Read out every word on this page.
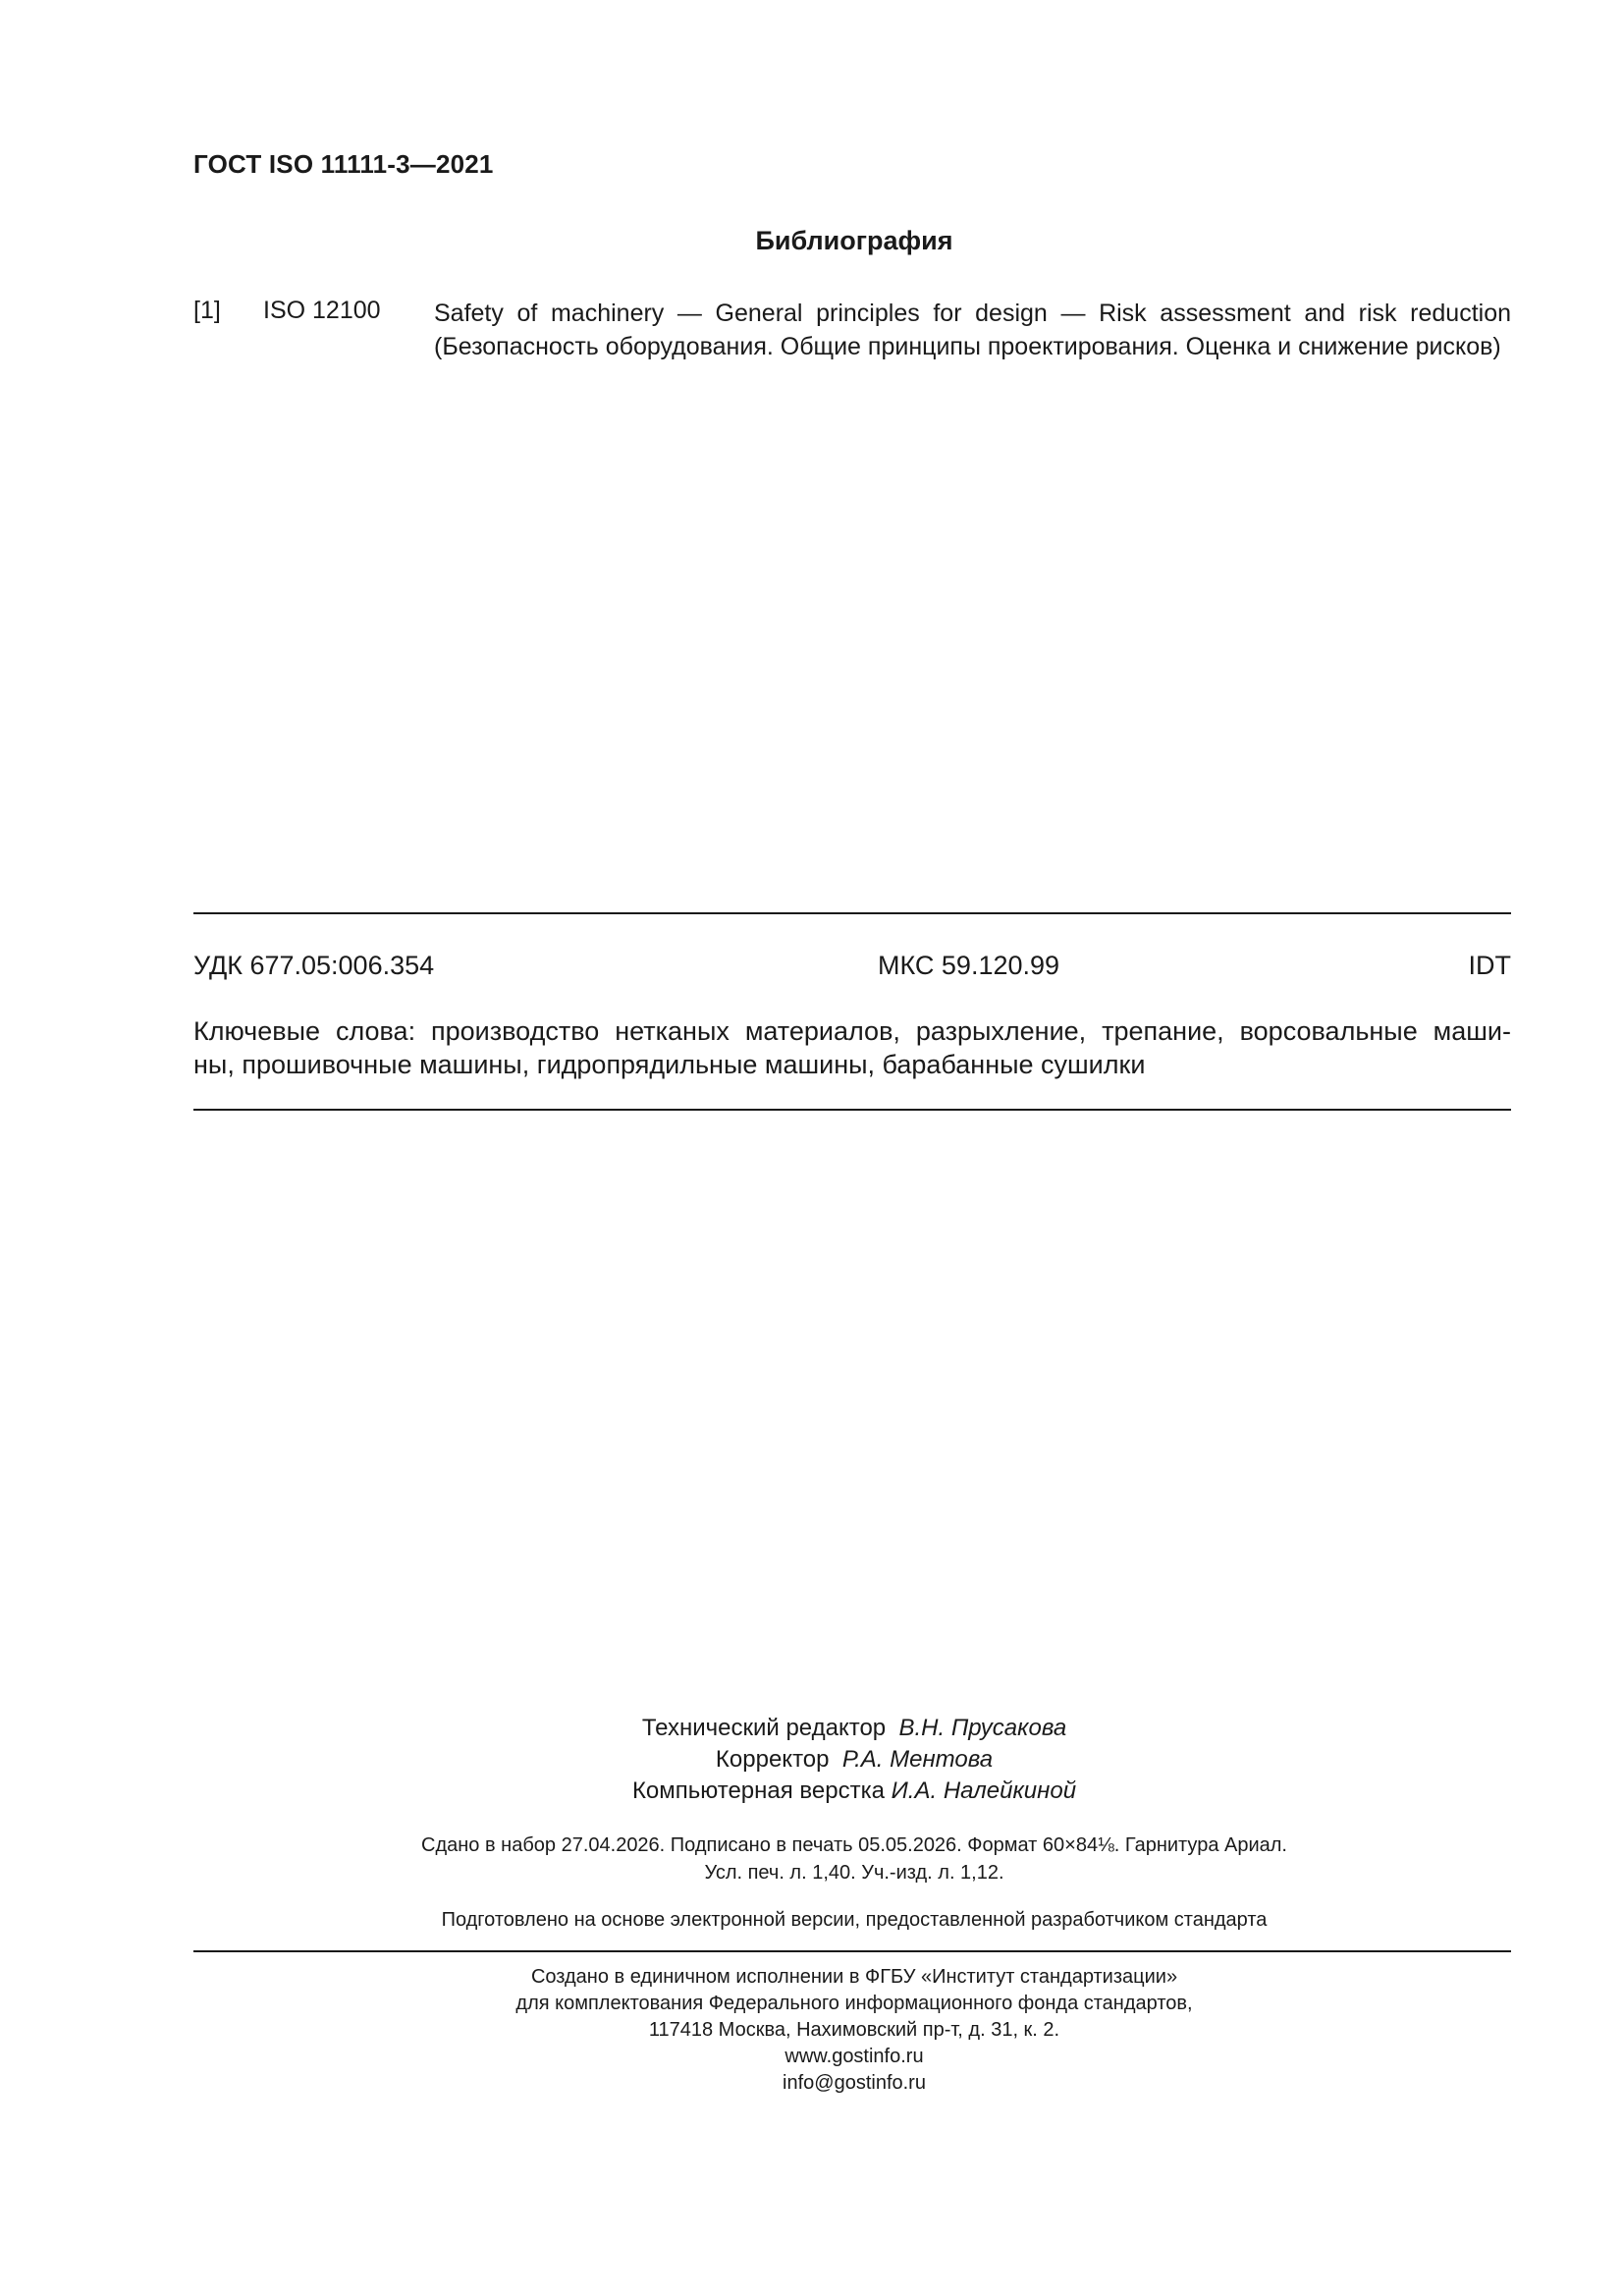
ГОСТ ISO 11111-3—2021
Библиография
[1] ISO 12100 Safety of machinery — General principles for design — Risk assessment and risk reduction
(Безопасность оборудования. Общие принципы проектирования. Оценка и снижение рисков)
УДК 677.05:006.354	МКС 59.120.99	IDT
Ключевые слова: производство нетканых материалов, разрыхление, трепание, ворсовальные маши-
ны, прошивочные машины, гидропрядильные машины, барабанные сушилки
Технический редактор В.Н. Прусакова
Корректор Р.А. Ментова
Компьютерная верстка И.А. Налейкиной
Сдано в набор 27.04.2026. Подписано в печать 05.05.2026. Формат 60×84⅛. Гарнитура Ариал.
Усл. печ. л. 1,40. Уч.-изд. л. 1,12.
Подготовлено на основе электронной версии, предоставленной разработчиком стандарта
Создано в единичном исполнении в ФГБУ «Институт стандартизации»
для комплектования Федерального информационного фонда стандартов,
117418 Москва, Нахимовский пр-т, д. 31, к. 2.
www.gostinfo.ru
info@gostinfo.ru
